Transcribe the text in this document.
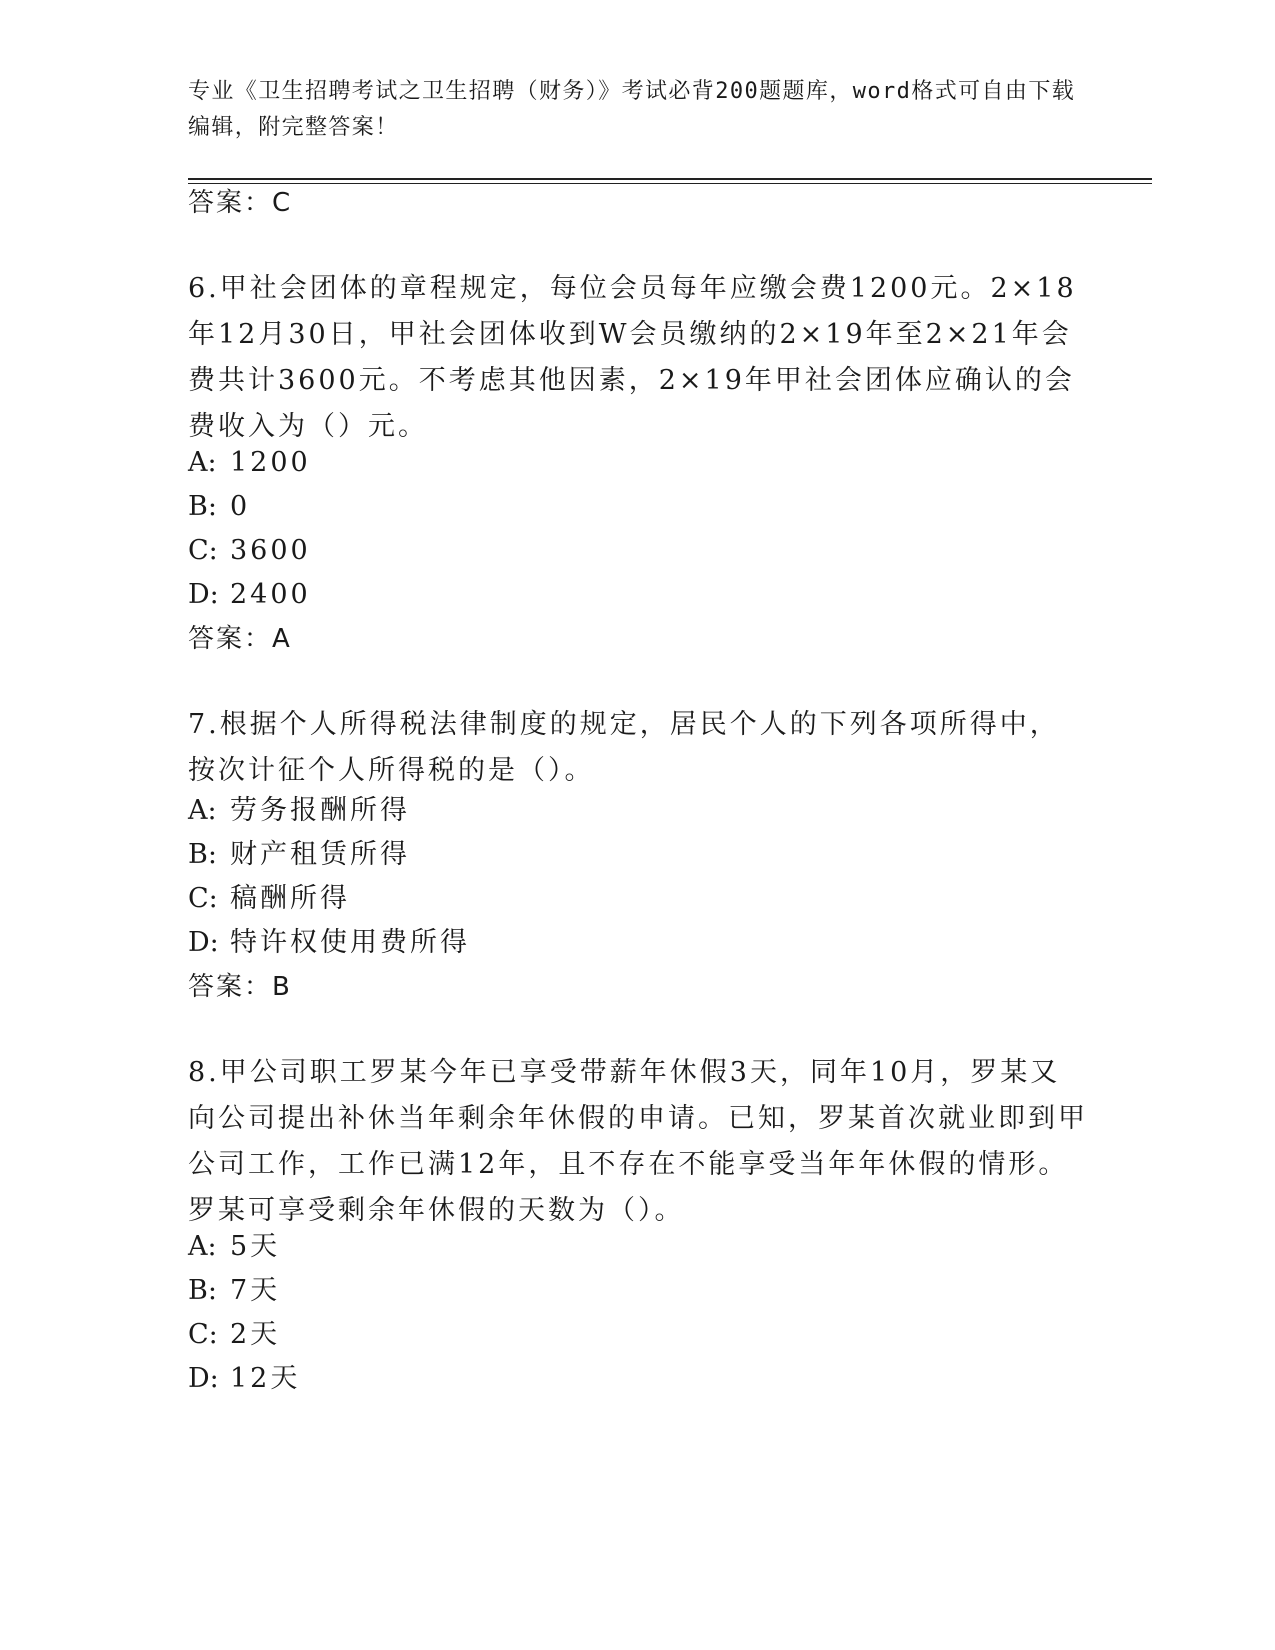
专业《卫生招聘考试之卫生招聘（财务）》考试必背200题题库，word格式可自由下载编辑，附完整答案！
答案：C
6.甲社会团体的章程规定，每位会员每年应缴会费1200元。2×18年12月30日，甲社会团体收到W会员缴纳的2×19年至2×21年会费共计3600元。不考虑其他因素，2×19年甲社会团体应确认的会费收入为（）元。
A: 1200
B: 0
C: 3600
D: 2400
答案：A
7.根据个人所得税法律制度的规定，居民个人的下列各项所得中，按次计征个人所得税的是（）。
A: 劳务报酬所得
B: 财产租赁所得
C: 稿酬所得
D: 特许权使用费所得
答案：B
8.甲公司职工罗某今年已享受带薪年休假3天，同年10月，罗某又向公司提出补休当年剩余年休假的申请。已知，罗某首次就业即到甲公司工作，工作已满12年，且不存在不能享受当年年休假的情形。罗某可享受剩余年休假的天数为（）。
A: 5天
B: 7天
C: 2天
D: 12天
